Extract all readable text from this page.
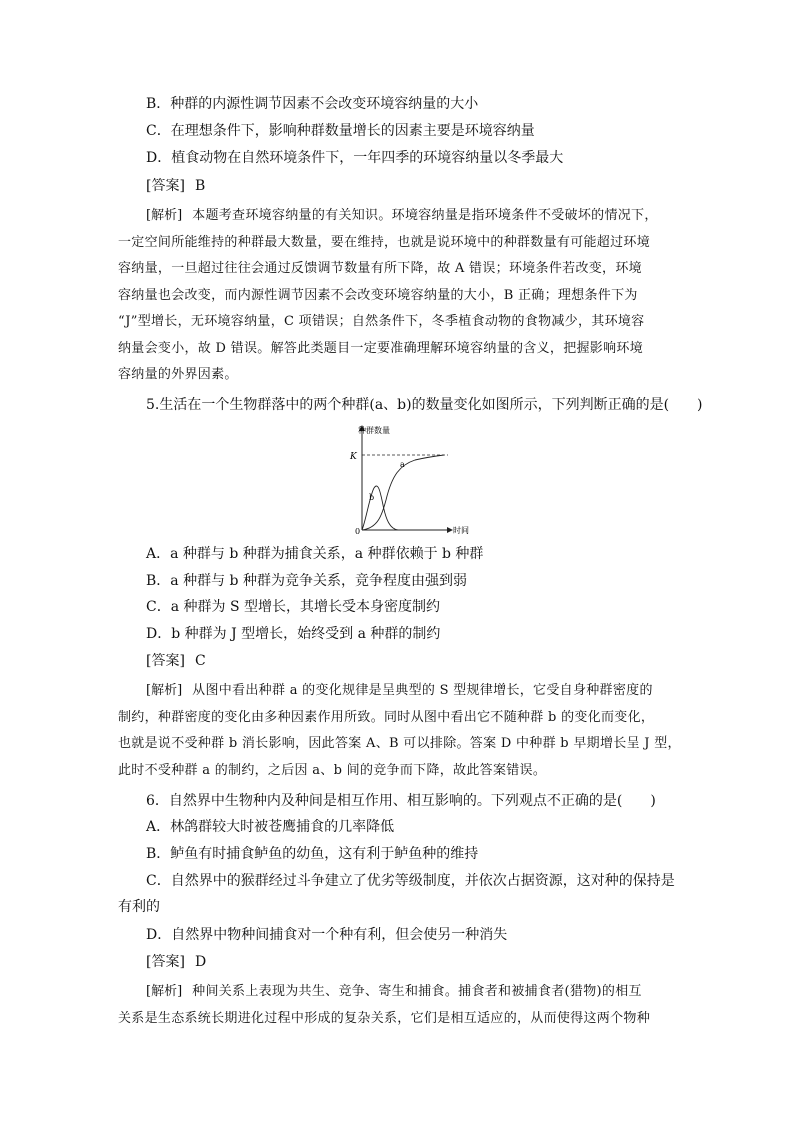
B．种群的内源性调节因素不会改变环境容纳量的大小
C．在理想条件下，影响种群数量增长的因素主要是环境容纳量
D．植食动物在自然环境条件下，一年四季的环境容纳量以冬季最大
[答案] B
[解析] 本题考查环境容纳量的有关知识。环境容纳量是指环境条件不受破坏的情况下，
一定空间所能维持的种群最大数量，要在维持，也就是说环境中的种群数量有可能超过环境
容纳量，一旦超过往往会通过反馈调节数量有所下降，故 A 错误；环境条件若改变，环境
容纳量也会改变，而内源性调节因素不会改变环境容纳量的大小，B 正确；理想条件下为
“J”型增长，无环境容纳量，C 项错误；自然条件下，冬季植食动物的食物减少，其环境容
纳量会变小，故 D 错误。解答此类题目一定要准确理解环境容纳量的含义，把握影响环境
容纳量的外界因素。
5.生活在一个生物群落中的两个种群(a、b)的数量变化如图所示，下列判断正确的是(　　)
种群数量
时间
K
0
a
b
A．a 种群与 b 种群为捕食关系，a 种群依赖于 b 种群
B．a 种群与 b 种群为竞争关系，竞争程度由强到弱
C．a 种群为 S 型增长，其增长受本身密度制约
D．b 种群为 J 型增长，始终受到 a 种群的制约
[答案] C
[解析] 从图中看出种群 a 的变化规律是呈典型的 S 型规律增长，它受自身种群密度的
制约，种群密度的变化由多种因素作用所致。同时从图中看出它不随种群 b 的变化而变化，
也就是说不受种群 b 消长影响，因此答案 A、B 可以排除。答案 D 中种群 b 早期增长呈 J 型，
此时不受种群 a 的制约，之后因 a、b 间的竞争而下降，故此答案错误。
6．自然界中生物种内及种间是相互作用、相互影响的。下列观点不正确的是(　　)
A．林鸽群较大时被苍鹰捕食的几率降低
B．鲈鱼有时捕食鲈鱼的幼鱼，这有利于鲈鱼种的维持
C．自然界中的猴群经过斗争建立了优劣等级制度，并依次占据资源，这对种的保持是
有利的
D．自然界中物种间捕食对一个种有利，但会使另一种消失
[答案] D
[解析] 种间关系上表现为共生、竞争、寄生和捕食。捕食者和被捕食者(猎物)的相互
关系是生态系统长期进化过程中形成的复杂关系，它们是相互适应的，从而使得这两个物种
